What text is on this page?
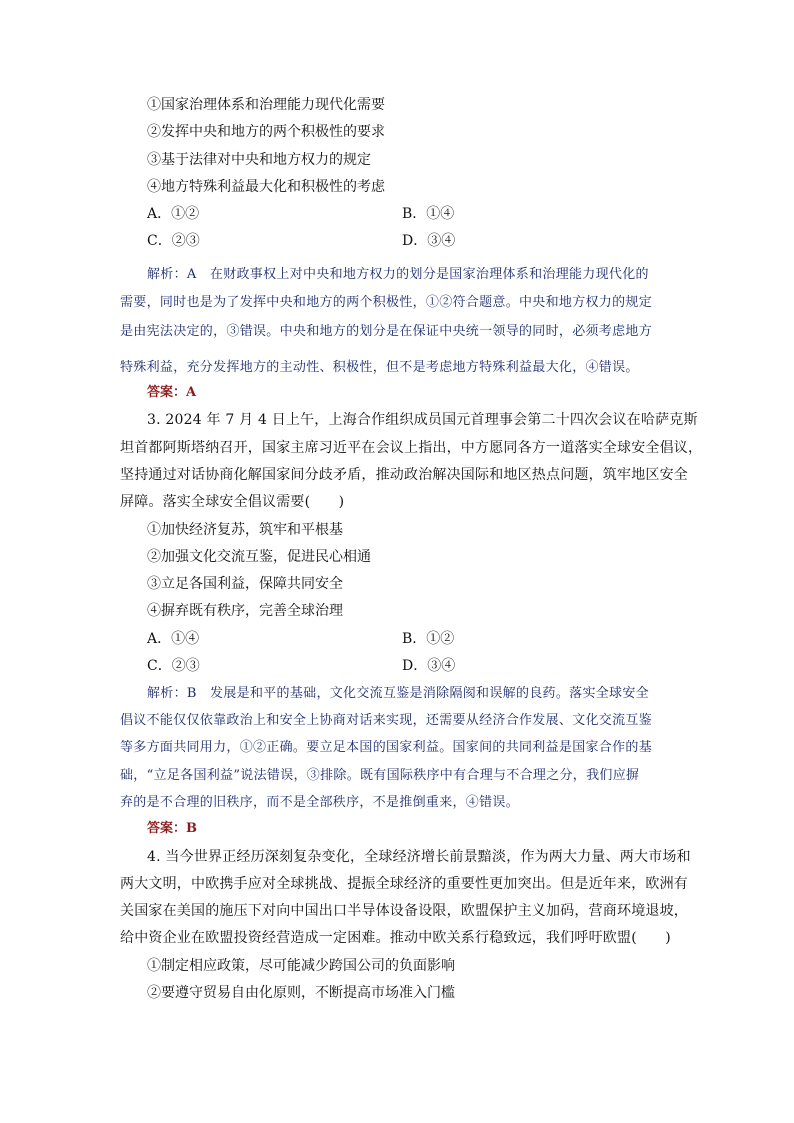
①国家治理体系和治理能力现代化需要
②发挥中央和地方的两个积极性的要求
③基于法律对中央和地方权力的规定
④地方特殊利益最大化和积极性的考虑
A．①②	B．①④
C．②③	D．③④
解析：A　在财政事权上对中央和地方权力的划分是国家治理体系和治理能力现代化的
需要，同时也是为了发挥中央和地方的两个积极性，①②符合题意。中央和地方权力的规定
是由宪法决定的，③错误。中央和地方的划分是在保证中央统一领导的同时，必须考虑地方
特殊利益，充分发挥地方的主动性、积极性，但不是考虑地方特殊利益最大化，④错误。
答案：A
3. 2024 年 7 月 4 日上午，上海合作组织成员国元首理事会第二十四次会议在哈萨克斯
坦首都阿斯塔纳召开，国家主席习近平在会议上指出，中方愿同各方一道落实全球安全倡议，
坚持通过对话协商化解国家间分歧矛盾，推动政治解决国际和地区热点问题，筑牢地区安全
屏障。落实全球安全倡议需要(　　)
①加快经济复苏，筑牢和平根基
②加强文化交流互鉴，促进民心相通
③立足各国利益，保障共同安全
④摒弃既有秩序，完善全球治理
A．①④	B．①②
C．②③	D．③④
解析：B　发展是和平的基础，文化交流互鉴是消除隔阂和误解的良药。落实全球安全
倡议不能仅仅依靠政治上和安全上协商对话来实现，还需要从经济合作发展、文化交流互鉴
等多方面共同用力，①②正确。要立足本国的国家利益。国家间的共同利益是国家合作的基
础，“立足各国利益”说法错误，③排除。既有国际秩序中有合理与不合理之分，我们应摒
弃的是不合理的旧秩序，而不是全部秩序，不是推倒重来，④错误。
答案：B
4. 当今世界正经历深刻复杂变化，全球经济增长前景黯淡，作为两大力量、两大市场和
两大文明，中欧携手应对全球挑战、提振全球经济的重要性更加突出。但是近年来，欧洲有
关国家在美国的施压下对向中国出口半导体设备设限，欧盟保护主义加码，营商环境退坡，
给中资企业在欧盟投资经营造成一定困难。推动中欧关系行稳致远，我们呼吁欧盟(　　)
①制定相应政策，尽可能减少跨国公司的负面影响
②要遵守贸易自由化原则，不断提高市场准入门槛
